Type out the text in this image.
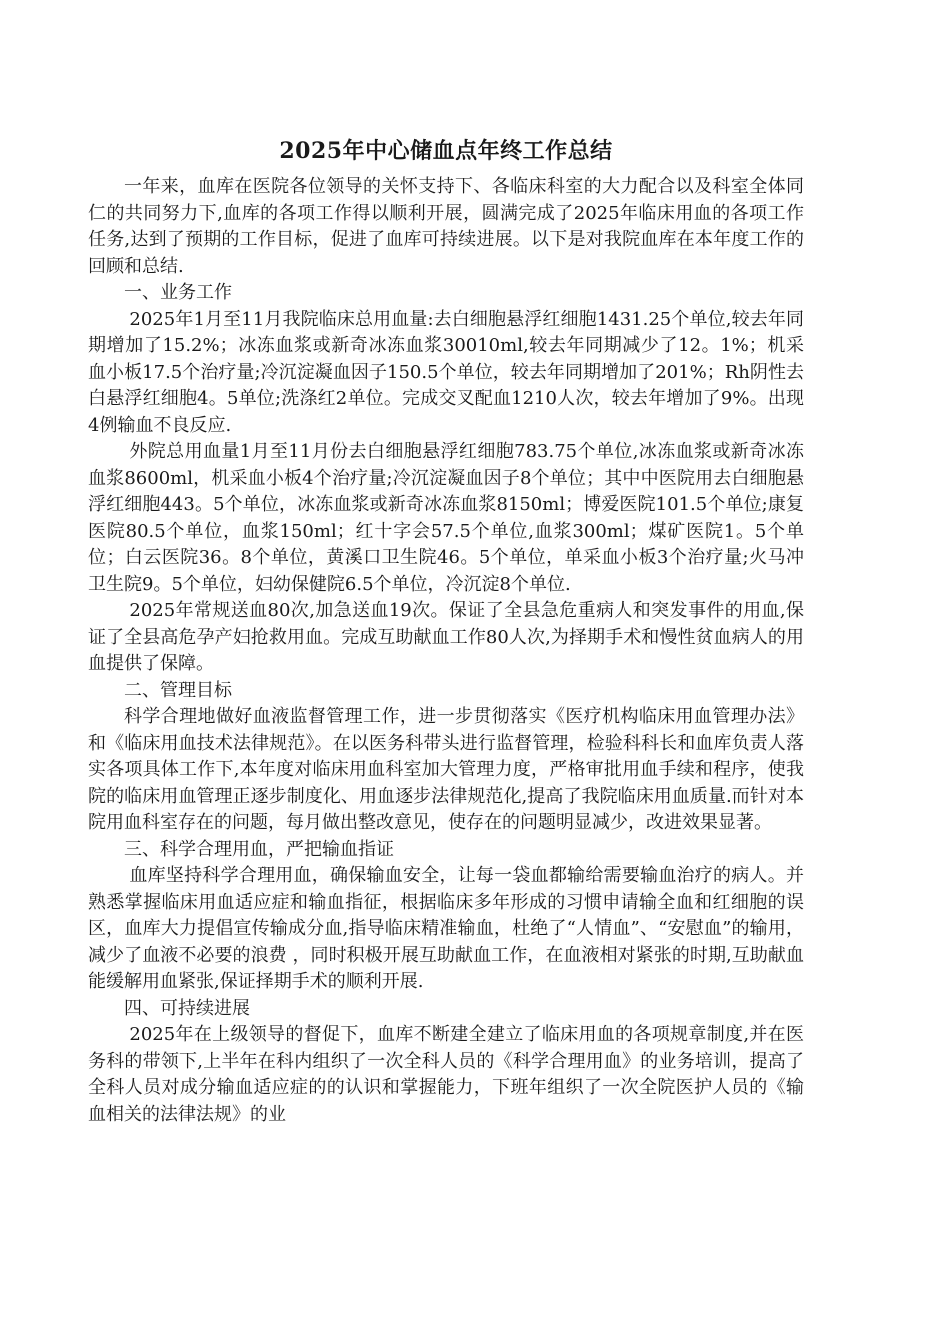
2025年中心储血点年终工作总结

一年来，血库在医院各位领导的关怀支持下、各临床科室的大力配合以及科室全体同仁的共同努力下,血库的各项工作得以顺利开展，圆满完成了2025年临床用血的各项工作任务,达到了预期的工作目标，促进了血库可持续进展。以下是对我院血库在本年度工作的回顾和总结.

一、业务工作

2025年1月至11月我院临床总用血量:去白细胞悬浮红细胞1431.25个单位,较去年同期增加了15.2%；冰冻血浆或新奇冰冻血浆30010ml,较去年同期减少了12。1%；机采血小板17.5个治疗量;冷沉淀凝血因子150.5个单位，较去年同期增加了201%；Rh阴性去白悬浮红细胞4。5单位;洗涤红2单位。完成交叉配血1210人次，较去年增加了9%。出现4例输血不良反应.

外院总用血量1月至11月份去白细胞悬浮红细胞783.75个单位,冰冻血浆或新奇冰冻血浆8600ml，机采血小板4个治疗量;冷沉淀凝血因子8个单位；其中中医院用去白细胞悬浮红细胞443。5个单位，冰冻血浆或新奇冰冻血浆8150ml；博爱医院101.5个单位;康复医院80.5个单位，血浆150ml；红十字会57.5个单位,血浆300ml；煤矿医院1。5个单位；白云医院36。8个单位，黄溪口卫生院46。5个单位，单采血小板3个治疗量;火马冲卫生院9。5个单位，妇幼保健院6.5个单位，冷沉淀8个单位.

2025年常规送血80次,加急送血19次。保证了全县急危重病人和突发事件的用血,保证了全县高危孕产妇抢救用血。完成互助献血工作80人次,为择期手术和慢性贫血病人的用血提供了保障。

二、管理目标

科学合理地做好血液监督管理工作，进一步贯彻落实《医疗机构临床用血管理办法》和《临床用血技术法律规范》。在以医务科带头进行监督管理，检验科科长和血库负责人落实各项具体工作下,本年度对临床用血科室加大管理力度，严格审批用血手续和程序，使我院的临床用血管理正逐步制度化、用血逐步法律规范化,提高了我院临床用血质量.而针对本院用血科室存在的问题，每月做出整改意见，使存在的问题明显减少，改进效果显著。

三、科学合理用血，严把输血指证

血库坚持科学合理用血，确保输血安全，让每一袋血都输给需要输血治疗的病人。并熟悉掌握临床用血适应症和输血指征，根据临床多年形成的习惯申请输全血和红细胞的误区，血库大力提倡宣传输成分血,指导临床精准输血，杜绝了“人情血”、“安慰血”的输用，减少了血液不必要的浪费 ，同时积极开展互助献血工作，在血液相对紧张的时期,互助献血能缓解用血紧张,保证择期手术的顺利开展.

四、可持续进展

2025年在上级领导的督促下，血库不断建全建立了临床用血的各项规章制度,并在医务科的带领下,上半年在科内组织了一次全科人员的《科学合理用血》的业务培训，提高了全科人员对成分输血适应症的的认识和掌握能力，下班年组织了一次全院医护人员的《输血相关的法律法规》的业
